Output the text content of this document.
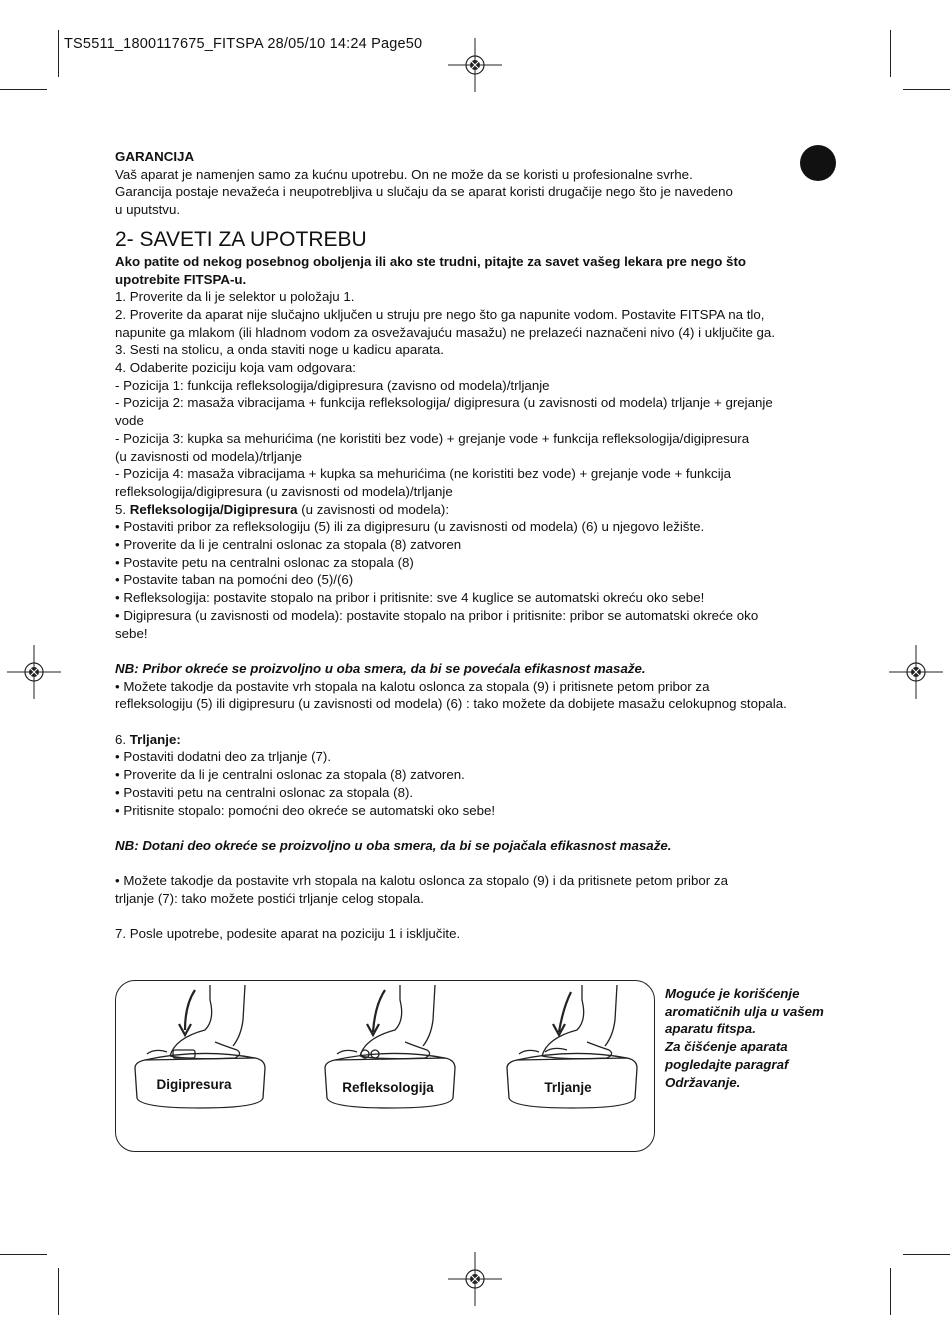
TS5511_1800117675_FITSPA 28/05/10 14:24 Page50

GARANCIJA

Vaš aparat je namenjen samo za kućnu upotrebu. On ne može da se koristi u profesionalne svrhe.

Garancija postaje nevažeća i neupotrebljiva u slučaju da se aparat koristi drugačije nego što je navedeno

u uputstvu.

2- SAVETI ZA UPOTREBU

Ako patite od nekog posebnog oboljenja ili ako ste trudni, pitajte za savet vašeg lekara pre nego što

upotrebite FITSPA-u.

1. Proverite da li je selektor u položaju 1.

2. Proverite da aparat nije slučajno uključen u struju pre nego što ga napunite vodom. Postavite FITSPA na tlo,

napunite ga mlakom (ili hladnom vodom za osvežavajuću masažu) ne prelazeći naznačeni nivo (4) i uključite ga.

3. Sesti na stolicu, a onda staviti noge u kadicu aparata.

4. Odaberite poziciju koja vam odgovara:

- Pozicija 1: funkcija refleksologija/digipresura (zavisno od modela)/trljanje

- Pozicija 2: masaža vibracijama + funkcija refleksologija/ digipresura (u zavisnosti od modela) trljanje + grejanje

vode

- Pozicija 3: kupka sa mehurićima (ne koristiti bez vode) + grejanje vode + funkcija refleksologija/digipresura

(u zavisnosti od modela)/trljanje

- Pozicija 4: masaža vibracijama + kupka sa mehurićima (ne koristiti bez vode) + grejanje vode + funkcija

refleksologija/digipresura (u zavisnosti od modela)/trljanje

5. Refleksologija/Digipresura (u zavisnosti od modela):

• Postaviti pribor za refleksologiju (5) ili za digipresuru (u zavisnosti od modela) (6) u njegovo ležište.

• Proverite da li je centralni oslonac za stopala (8) zatvoren

• Postavite petu na centralni oslonac za stopala (8)

• Postavite taban na pomoćni deo (5)/(6)

• Refleksologija: postavite stopalo na pribor i pritisnite: sve 4 kuglice se automatski okreću oko sebe!

• Digipresura (u zavisnosti od modela): postavite stopalo na pribor i pritisnite: pribor se automatski okreće oko

sebe!

NB: Pribor okreće se proizvoljno u oba smera, da bi se povećala efikasnost masaže.

• Možete takodje da postavite vrh stopala na kalotu oslonca za stopala (9) i pritisnete petom pribor za

refleksologiju (5) ili digipresuru (u zavisnosti od modela) (6) : tako možete da dobijete masažu celokupnog stopala.

6. Trljanje:

• Postaviti dodatni deo za trljanje (7).

• Proverite da li je centralni oslonac za stopala (8) zatvoren.

• Postaviti petu na centralni oslonac za stopala (8).

• Pritisnite stopalo: pomoćni deo okreće se automatski oko sebe!

NB: Dotani deo okreće se proizvoljno u oba smera, da bi se pojačala efikasnost masaže.

• Možete takodje da postavite vrh stopala na kalotu oslonca za stopalo (9) i da pritisnete petom pribor za

trljanje (7): tako možete postići trljanje celog stopala.

7. Posle upotrebe, podesite aparat na poziciju 1 i isključite.

Digipresura	Refleksologija	Trljanje
Moguće je korišćenje
aromatičnih ulja u vašem
aparatu fitspa.
Za čišćenje aparata
pogledajte paragraf
Održavanje.
